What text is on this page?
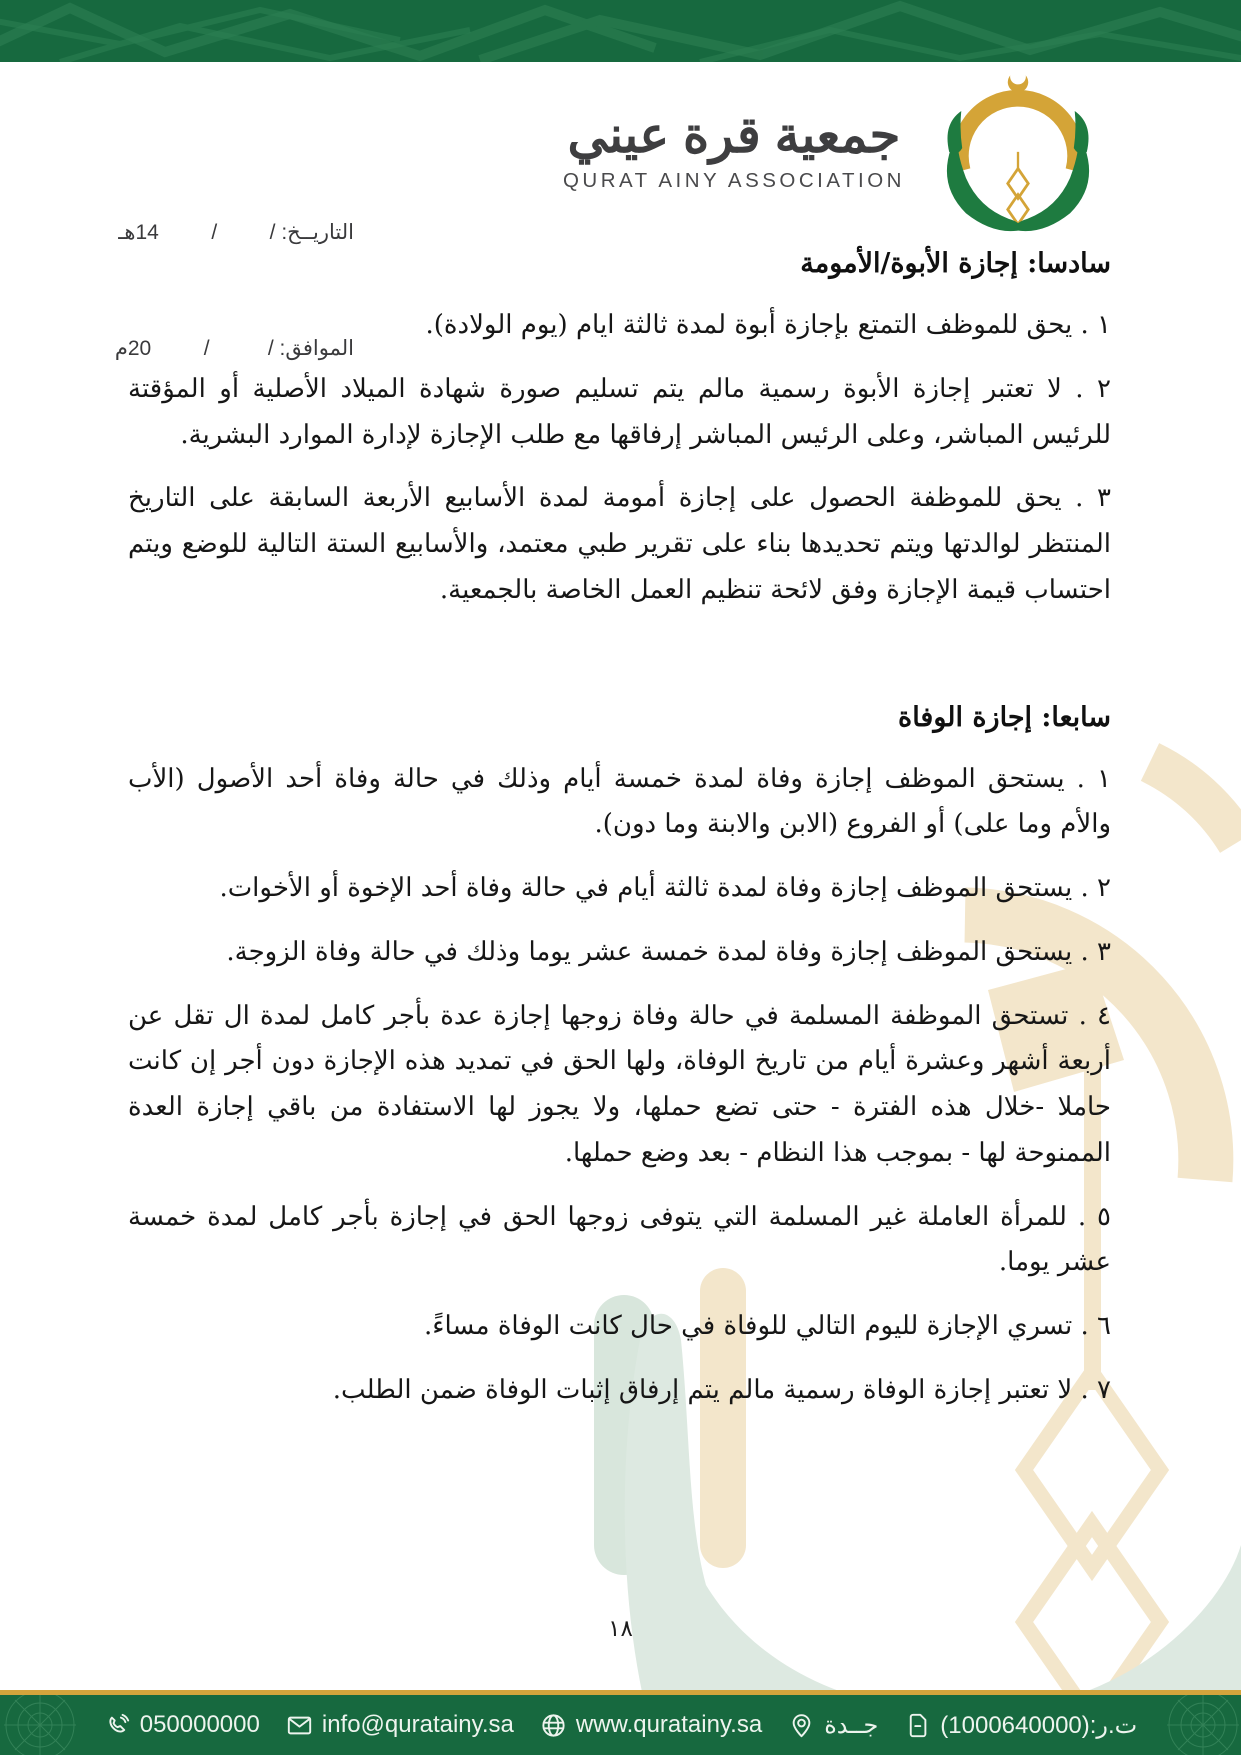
التاريــخ: /         /         14هـ

الموافق: /          /         20م

جمعية قرة عيني
QURAT AINY ASSOCIATION
سادسا: إجازة الأبوة/الأمومة

١ . يحق للموظف التمتع بإجازة أبوة لمدة ثالثة ايام (يوم الولادة).

٢ . لا تعتبر إجازة الأبوة رسمية مالم يتم تسليم صورة شهادة الميلاد الأصلية أو المؤقتة للرئيس المباشر، وعلى الرئيس المباشر إرفاقها مع طلب الإجازة لإدارة الموارد البشرية.

٣ . يحق للموظفة الحصول على إجازة أمومة لمدة الأسابيع الأربعة السابقة على التاريخ المنتظر لوالدتها ويتم تحديدها بناء على تقرير طبي معتمد، والأسابيع الستة التالية للوضع ويتم احتساب قيمة الإجازة وفق لائحة تنظيم العمل الخاصة بالجمعية.

سابعا: إجازة الوفاة

١ . يستحق الموظف إجازة وفاة لمدة خمسة أيام وذلك في حالة وفاة أحد الأصول (الأب والأم وما على) أو الفروع (الابن والابنة وما دون).

٢ . يستحق الموظف إجازة وفاة لمدة ثالثة أيام في حالة وفاة أحد الإخوة أو الأخوات.

٣ . يستحق الموظف إجازة وفاة لمدة خمسة عشر يوما وذلك في حالة وفاة الزوجة.

٤ . تستحق الموظفة المسلمة في حالة وفاة زوجها إجازة عدة بأجر كامل لمدة ال تقل عن أربعة أشهر وعشرة أيام من تاريخ الوفاة، ولها الحق في تمديد هذه الإجازة دون أجر إن كانت حاملا -خلال هذه الفترة - حتى تضع حملها، ولا يجوز لها الاستفادة من باقي إجازة العدة الممنوحة لها - بموجب هذا النظام - بعد وضع حملها.

٥ . للمرأة العاملة غير المسلمة التي يتوفى زوجها الحق في إجازة بأجر كامل لمدة خمسة عشر يوما.

٦ . تسري الإجازة لليوم التالي للوفاة في حال كانت الوفاة مساءً.

٧ . لا تعتبر إجازة الوفاة رسمية مالم يتم إرفاق إثبات الوفاة ضمن الطلب.

١٨
050000000	info@quratainy.sa	www.quratainy.sa	جــدة	ت.ر:(1000640000)
